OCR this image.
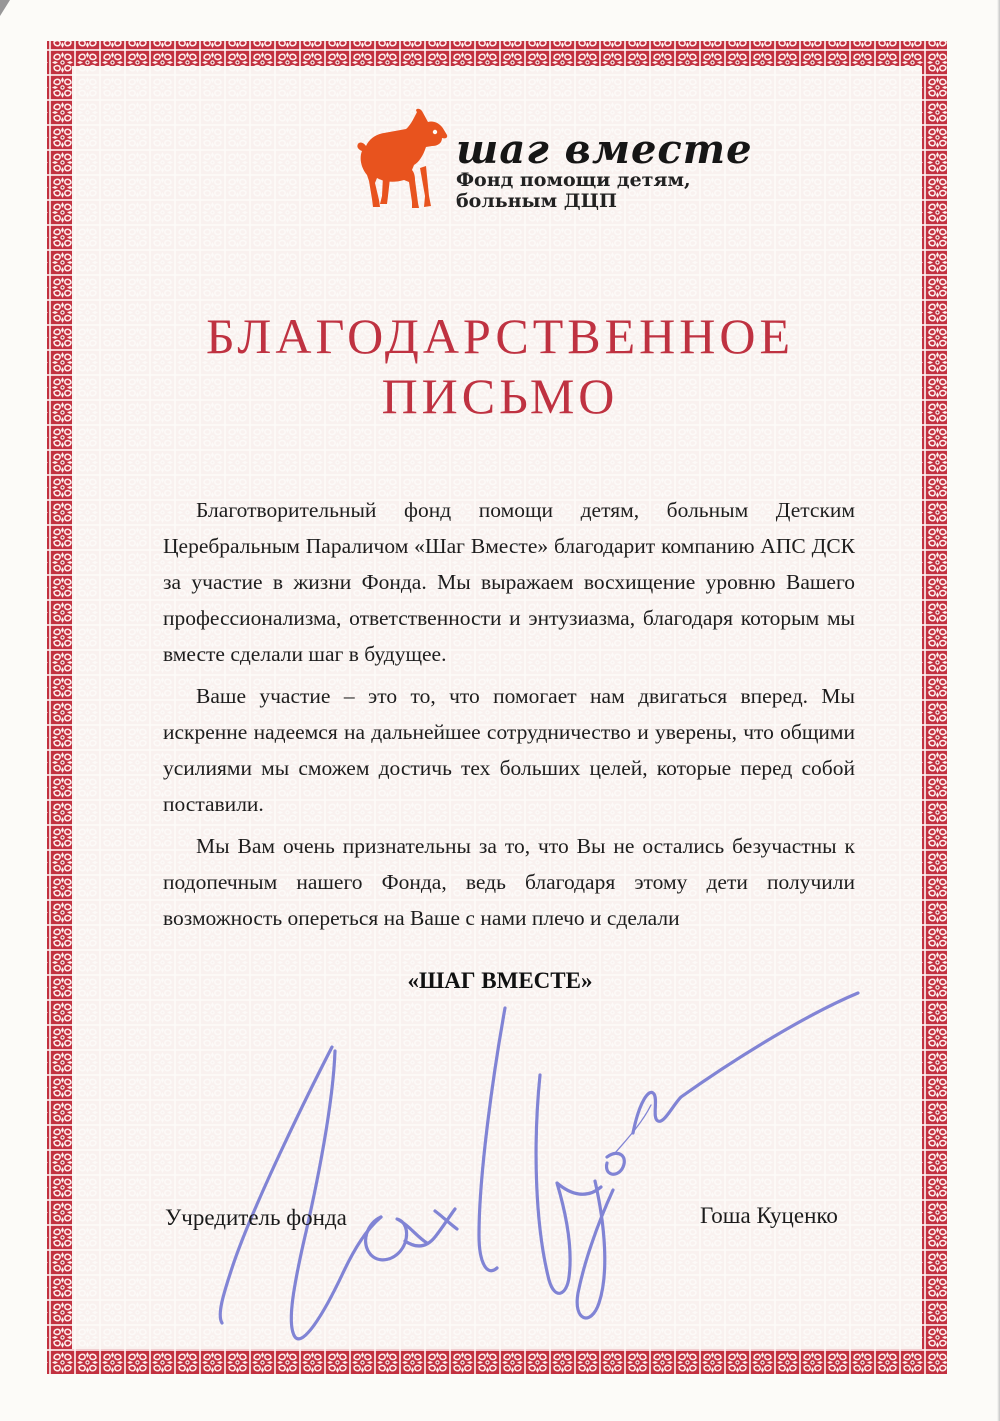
шаг вместе
Фонд помощи детям,
больным ДЦП
БЛАГОДАРСТВЕННОЕ ПИСЬМО

Благотворительный фонд помощи детям, больным Детским Церебральным Параличом «Шаг Вместе» благодарит компанию АПС ДСК за участие в жизни Фонда. Мы выражаем восхищение уровню Вашего профессионализма, ответственности и энтузиазма, благодаря которым мы вместе сделали шаг в будущее.

Ваше участие – это то, что помогает нам двигаться вперед. Мы искренне надеемся на дальнейшее сотрудничество и уверены, что общими усилиями мы сможем достичь тех больших целей, которые перед собой поставили.

Мы Вам очень признательны за то, что Вы не остались безучастны к подопечным нашего Фонда, ведь благодаря этому дети получили возможность опереться на Ваше с нами плечо и сделали

«ШАГ ВМЕСТЕ»
Учредитель фонда	Гоша Куценко
